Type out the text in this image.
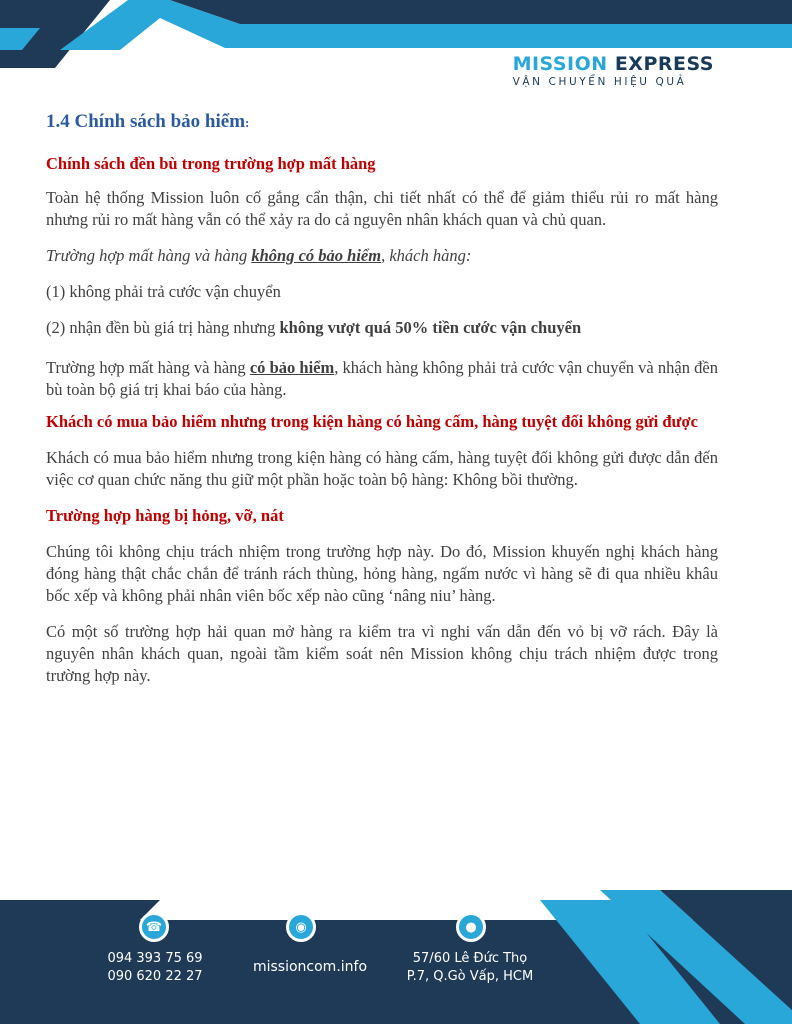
MISSION EXPRESS
VẬN CHUYỂN HIỆU QUẢ
1.4 Chính sách bảo hiểm:
Chính sách đền bù trong trường hợp mất hàng

Toàn hệ thống Mission luôn cố gắng cẩn thận, chi tiết nhất có thể để giảm thiểu rủi ro mất hàng nhưng rủi ro mất hàng vẫn có thể xảy ra do cả nguyên nhân khách quan và chủ quan.

Trường hợp mất hàng và hàng không có bảo hiểm, khách hàng:

(1) không phải trả cước vận chuyển

(2) nhận đền bù giá trị hàng nhưng không vượt quá 50% tiền cước vận chuyển

Trường hợp mất hàng và hàng có bảo hiểm, khách hàng không phải trả cước vận chuyển và nhận đền bù toàn bộ giá trị khai báo của hàng.

Khách có mua bảo hiểm nhưng trong kiện hàng có hàng cấm, hàng tuyệt đối không gửi được

Khách có mua bảo hiểm nhưng trong kiện hàng có hàng cấm, hàng tuyệt đối không gửi được dẫn đến việc cơ quan chức năng thu giữ một phần hoặc toàn bộ hàng: Không bồi thường.

Trường hợp hàng bị hỏng, vỡ, nát

Chúng tôi không chịu trách nhiệm trong trường hợp này. Do đó, Mission khuyến nghị khách hàng đóng hàng thật chắc chắn để tránh rách thùng, hỏng hàng, ngấm nước vì hàng sẽ đi qua nhiều khâu bốc xếp và không phải nhân viên bốc xếp nào cũng ‘nâng niu’ hàng.

Có một số trường hợp hải quan mở hàng ra kiểm tra vì nghi vấn dẫn đến vỏ bị vỡ rách. Đây là nguyên nhân khách quan, ngoài tầm kiểm soát nên Mission không chịu trách nhiệm được trong trường hợp này.

☎	◉	●
094 393 75 69
090 620 22 27
missioncom.info
57/60 Lê Đức Thọ
P.7, Q.Gò Vấp, HCM
